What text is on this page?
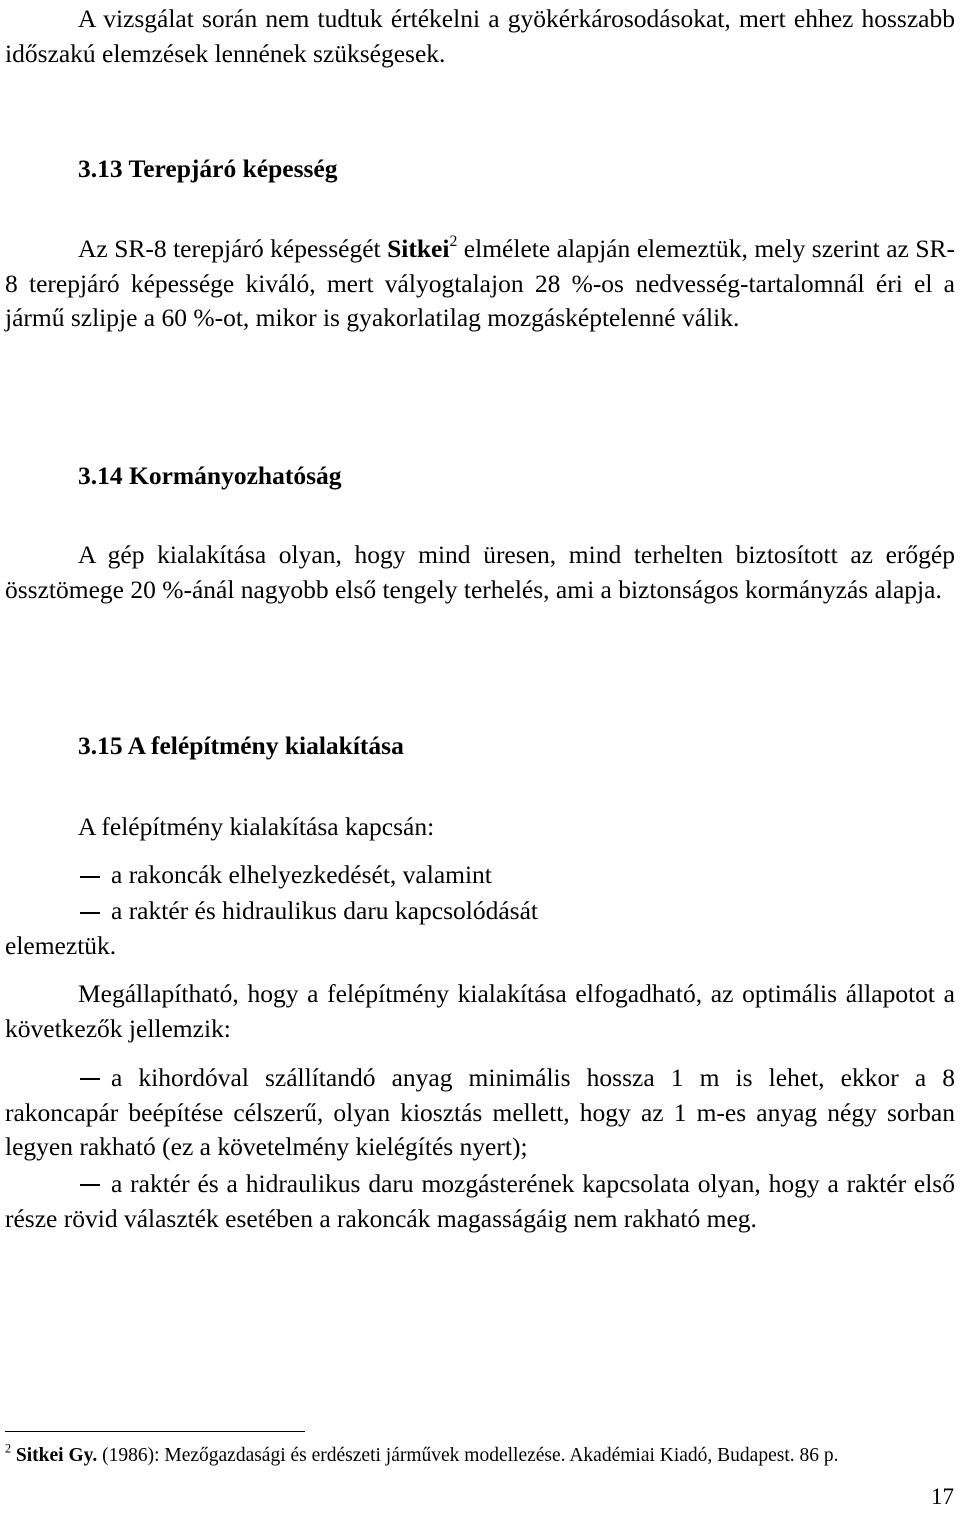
A vizsgálat során nem tudtuk értékelni a gyökérkárosodásokat, mert ehhez hosszabb időszakú elemzések lennének szükségesek.

3.13 Terepjáró képesség

Az SR-8 terepjáró képességét Sitkei$^2$ elmélete alapján elemeztük, mely szerint az SR-8 terepjáró képessége kiváló, mert vályogtalajon 28 %-os nedvesség-tartalomnál éri el a jármű szlipje a 60 %-ot, mikor is gyakorlatilag mozgásképtelenné válik.

3.14 Kormányozhatóság

A gép kialakítása olyan, hogy mind üresen, mind terhelten biztosított az erőgép össztömege 20 %-ánál nagyobb első tengely terhelés, ami a biztonságos kormányzás alapja.

3.15 A felépítmény kialakítása

A felépítmény kialakítása kapcsán:

a rakoncák elhelyezkedését, valamint

a raktér és hidraulikus daru kapcsolódását

elemeztük.

Megállapítható, hogy a felépítmény kialakítása elfogadható, az optimális állapotot a következők jellemzik:

a kihordóval szállítandó anyag minimális hossza 1 m is lehet, ekkor a 8 rakoncapár beépítése célszerű, olyan kiosztás mellett, hogy az 1 m-es anyag négy sorban legyen rakható (ez a követelmény kielégítés nyert);

a raktér és a hidraulikus daru mozgásterének kapcsolata olyan, hogy a raktér első része rövid választék esetében a rakoncák magasságáig nem rakható meg.

$^2$ Sitkei Gy. (1986): Mezőgazdasági és erdészeti járművek modellezése. Akadémiai Kiadó, Budapest. 86 p.

17
